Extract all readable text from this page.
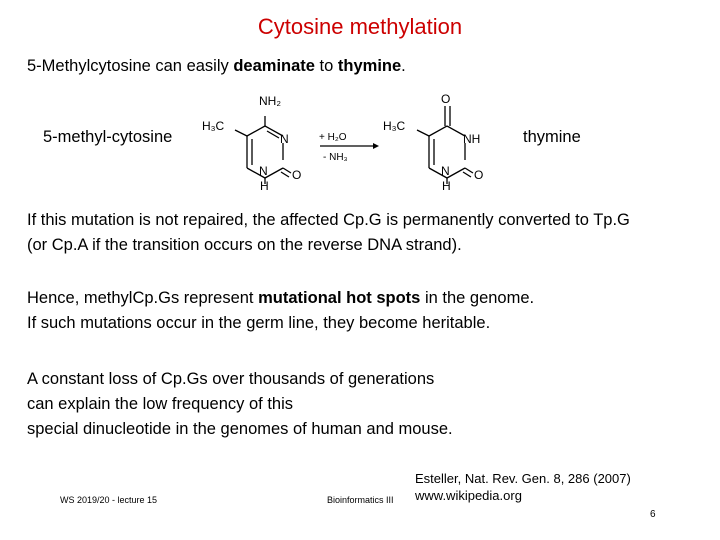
Cytosine methylation
5-Methylcytosine can easily deaminate to thymine.
5-methyl-cytosine	thymine
NH₂
H₃C
N
N O
H
+ H₂O
- NH₃
O
H₃C
NH
N O
H
If this mutation is not repaired, the affected Cp.G is permanently converted to Tp.G
(or Cp.A if the transition occurs on the reverse DNA strand).
Hence, methylCp.Gs represent mutational hot spots in the genome.
If such mutations occur in the germ line, they become heritable.
A constant loss of Cp.Gs over thousands of generations
can explain the low frequency of this
special dinucleotide in the genomes of human and mouse.
WS 2019/20 - lecture 15	Bioinformatics III
Esteller, Nat. Rev. Gen. 8, 286 (2007)
www.wikipedia.org
6
